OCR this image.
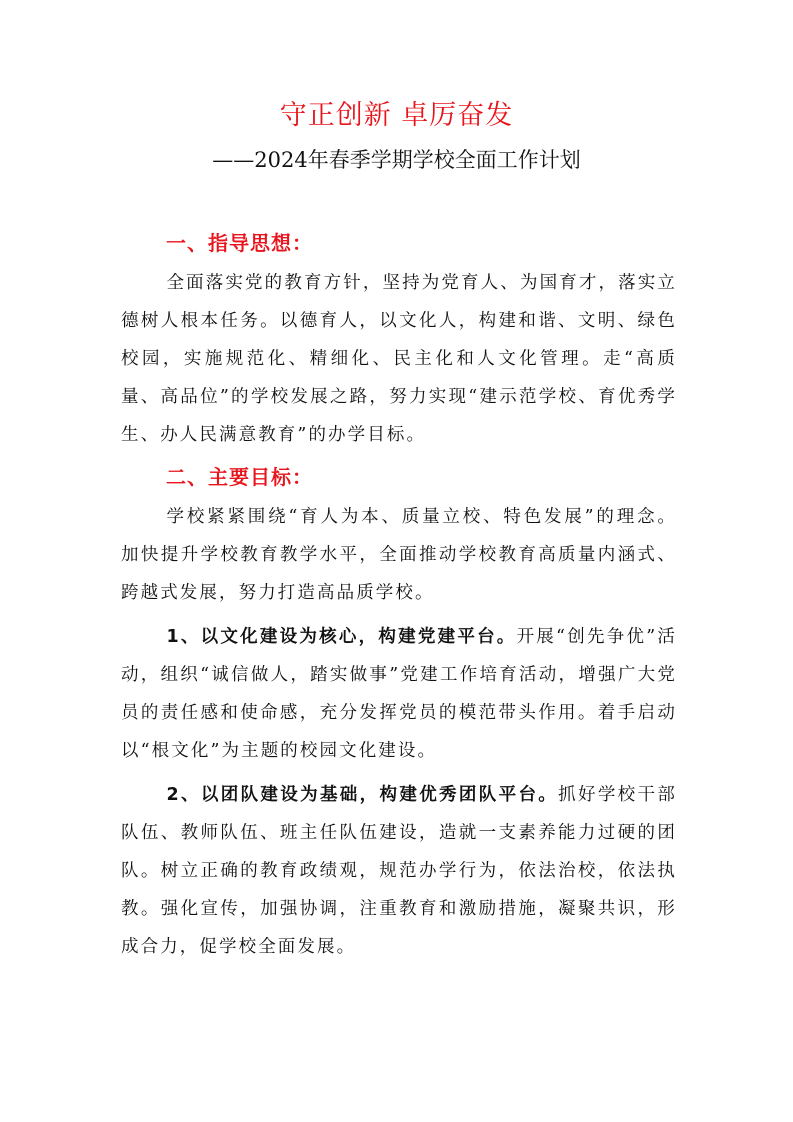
守正创新 卓厉奋发
——2024年春季学期学校全面工作计划
一、指导思想：

全面落实党的教育方针，坚持为党育人、为国育才，落实立德树人根本任务。以德育人，以文化人，构建和谐、文明、绿色校园，实施规范化、精细化、民主化和人文化管理。走“高质量、高品位”的学校发展之路，努力实现“建示范学校、育优秀学生、办人民满意教育”的办学目标。

二、主要目标：

学校紧紧围绕“育人为本、质量立校、特色发展”的理念。加快提升学校教育教学水平，全面推动学校教育高质量内涵式、跨越式发展，努力打造高品质学校。

1、以文化建设为核心，构建党建平台。开展“创先争优”活动，组织“诚信做人，踏实做事”党建工作培育活动，增强广大党员的责任感和使命感，充分发挥党员的模范带头作用。着手启动以“根文化”为主题的校园文化建设。

2、以团队建设为基础，构建优秀团队平台。抓好学校干部队伍、教师队伍、班主任队伍建设，造就一支素养能力过硬的团队。树立正确的教育政绩观，规范办学行为，依法治校，依法执教。强化宣传，加强协调，注重教育和激励措施，凝聚共识，形成合力，促学校全面发展。
